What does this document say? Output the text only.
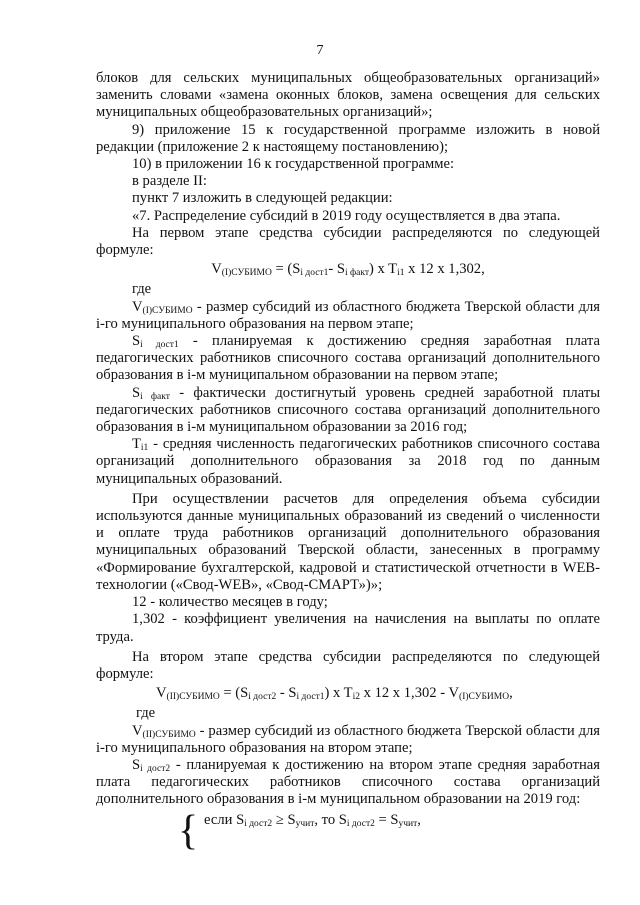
7

блоков для сельских муниципальных общеобразовательных организаций» заменить словами «замена оконных блоков, замена освещения для сельских муниципальных общеобразовательных организаций»;

9) приложение 15 к государственной программе изложить в новой редакции (приложение 2 к настоящему постановлению);

10) в приложении 16 к государственной программе:

в разделе II:

пункт 7 изложить в следующей редакции:

«7. Распределение субсидий в 2019 году осуществляется в два этапа.

На первом этапе средства субсидии распределяются по следующей формуле:

$V_{(I)СУБИМО} = (S_{i дост1}-$ $S_{i факт}$) x $T_{i1}$ x 12 x 1,302,

где

$V_{(I)СУБИМО}$ - размер субсидий из областного бюджета Тверской области для i-го муниципального образования на первом этапе;

$S_{i дост1}$ - планируемая к достижению средняя заработная плата педагогических работников списочного состава организаций дополнительного образования в i-м муниципальном образовании на первом этапе;

$S_{i факт}$ - фактически достигнутый уровень средней заработной платы педагогических работников списочного состава организаций дополнительного образования в i-м муниципальном образовании за 2016 год;

$T_{i1}$ - средняя численность педагогических работников списочного состава организаций дополнительного образования за 2018 год по данным муниципальных образований.

При осуществлении расчетов для определения объема субсидии используются данные муниципальных образований из сведений о численности и оплате труда работников организаций дополнительного образования муниципальных образований Тверской области, занесенных в программу «Формирование бухгалтерской, кадровой и статистической отчетности в WEB-технологии («Свод-WEB», «Свод-СМАРТ»)»;

12 - количество месяцев в году;

1,302 - коэффициент увеличения на начисления на выплаты по оплате труда.

На втором этапе средства субсидии распределяются по следующей формуле:

$V_{(II)СУБИМО} = (S_{i дост2} - S_{i дост1})$ x $T_{i2}$ x 12 x $1,302 - V_{(I)СУБИМО}$,

где

$V_{(II)СУБИМО}$ - размер субсидий из областного бюджета Тверской области для i-го муниципального образования на втором этапе;

$S_{i дост2}$ - планируемая к достижению на втором этапе средняя заработная плата педагогических работников списочного состава организаций дополнительного образования в i-м муниципальном образовании на 2019 год:

{ если $S_{i дост2} \ge S_{учит}$, то $S_{i дост2} = S_{учит}$,
